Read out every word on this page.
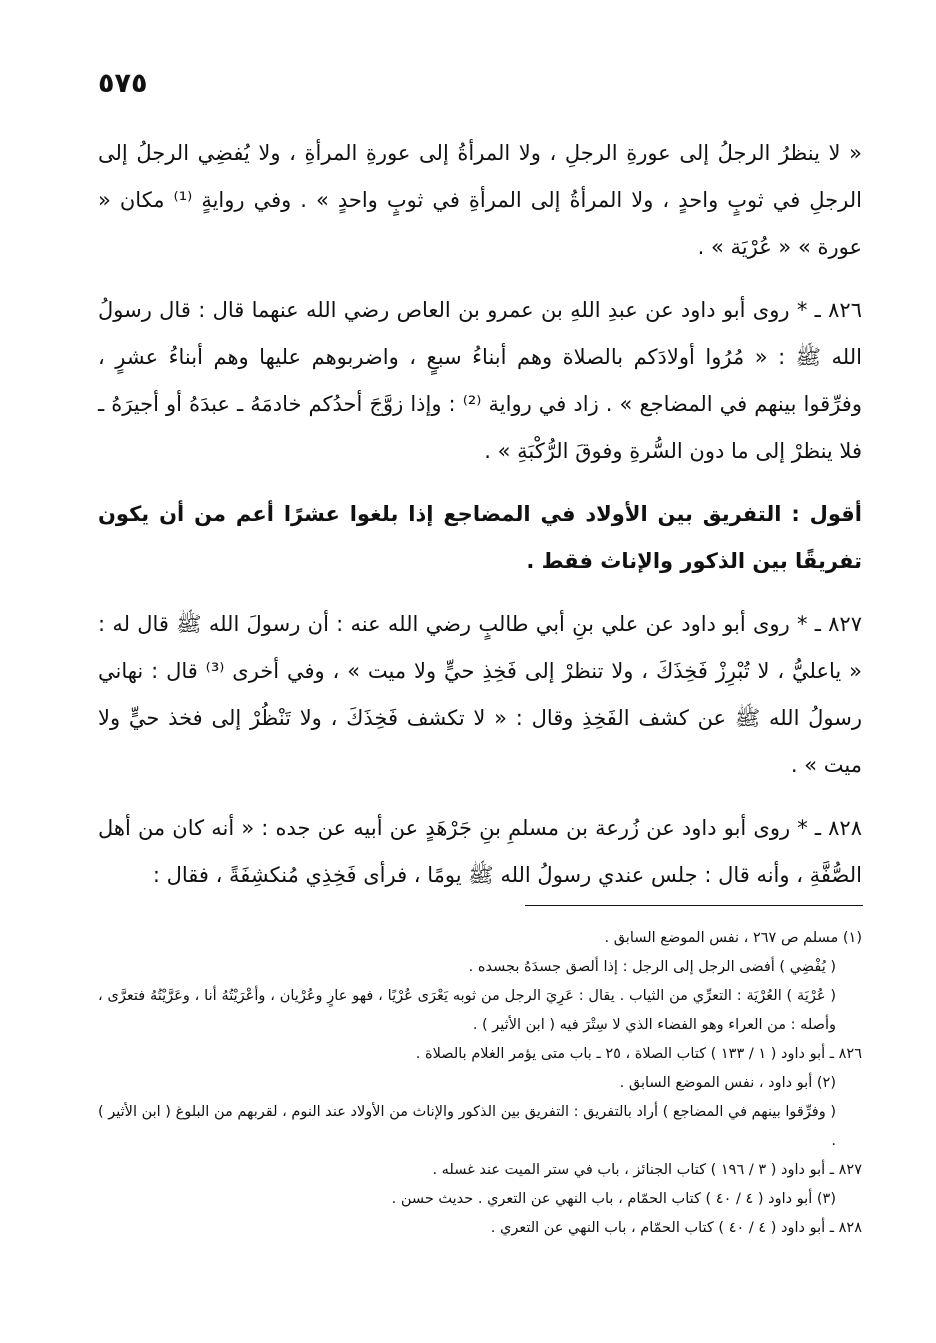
٥٧٥

« لا ينظرُ الرجلُ إلى عورةِ الرجلِ ، ولا المرأةُ إلى عورةِ المرأةِ ، ولا يُفضِي الرجلُ إلى الرجلِ في ثوبٍ واحدٍ ، ولا المرأةُ إلى المرأةِ في ثوبٍ واحدٍ » . وفي روايةٍ ⁽¹⁾ مكان « عورة » « عُرْيَة » .

٨٢٦ ـ * روى أبو داود عن عبدِ اللهِ بن عمرو بن العاص رضي الله عنهما قال : قال رسولُ الله ﷺ : « مُرُوا أولادَكم بالصلاة وهم أبناءُ سبعٍ ، واضربوهم عليها وهم أبناءُ عشرٍ ، وفرِّقوا بينهم في المضاجع » . زاد في رواية ⁽²⁾ : وإذا زوَّجَ أحدُكم خادمَهُ ـ عبدَهُ أو أجيرَهُ ـ فلا ينظرْ إلى ما دون السُّرةِ وفوقَ الرُّكْبَةِ » .

أقول : التفريق بين الأولاد في المضاجع إذا بلغوا عشرًا أعم من أن يكون تفريقًا بين الذكور والإناث فقط .

٨٢٧ ـ * روى أبو داود عن علي بنِ أبي طالبٍ رضي الله عنه : أن رسولَ الله ﷺ قال له : « ياعليُّ ، لا تُبْرِزْ فَخِذَكَ ، ولا تنظرْ إلى فَخِذِ حيٍّ ولا ميت » ، وفي أخرى ⁽³⁾ قال : نهاني رسولُ الله ﷺ عن كشف الفَخِذِ وقال : « لا تكشف فَخِذَكَ ، ولا تَنْظُرْ إلى فخذ حيٍّ ولا ميت » .

٨٢٨ ـ * روى أبو داود عن زُرعة بن مسلمِ بنِ جَرْهَدٍ عن أبيه عن جده : « أنه كان من أهل الصُّفَّةِ ، وأنه قال : جلس عندي رسولُ الله ﷺ يومًا ، فرأى فَخِذِي مُنكشِفَةً ، فقال :

(١) مسلم ص ٢٦٧ ، نفس الموضع السابق .

( يُفْضِي ) أفضى الرجل إلى الرجل : إذا ألصق جسدَهُ بجسده .

( عُرْيَة ) العُرْيَة : التعرِّي من الثياب . يقال : عَرِيَ الرجل من ثوبه يَعْرَى عُرْيًا ، فهو عارٍ وعُرْيان ، وأعْرَيْتُهُ أنا ، وعَرَّيْتُهُ فتعرَّى ، وأصله : من العراء وهو الفضاء الذي لا سِتْرَ فيه ( ابن الأثير ) .

٨٢٦ ـ أبو داود ( ١ / ١٣٣ ) كتاب الصلاة ، ٢٥ ـ باب متى يؤمر الغلام بالصلاة .

(٢) أبو داود ، نفس الموضع السابق .

( وفرِّقوا بينهم في المضاجع ) أراد بالتفريق : التفريق بين الذكور والإناث من الأولاد عند النوم ، لقربهم من البلوغ ( ابن الأثير ) .

٨٢٧ ـ أبو داود ( ٣ / ١٩٦ ) كتاب الجنائز ، باب في ستر الميت عند غسله .

(٣) أبو داود ( ٤ / ٤٠ ) كتاب الحمّام ، باب النهي عن التعري . حديث حسن .

٨٢٨ ـ أبو داود ( ٤ / ٤٠ ) كتاب الحمّام ، باب النهي عن التعري .
